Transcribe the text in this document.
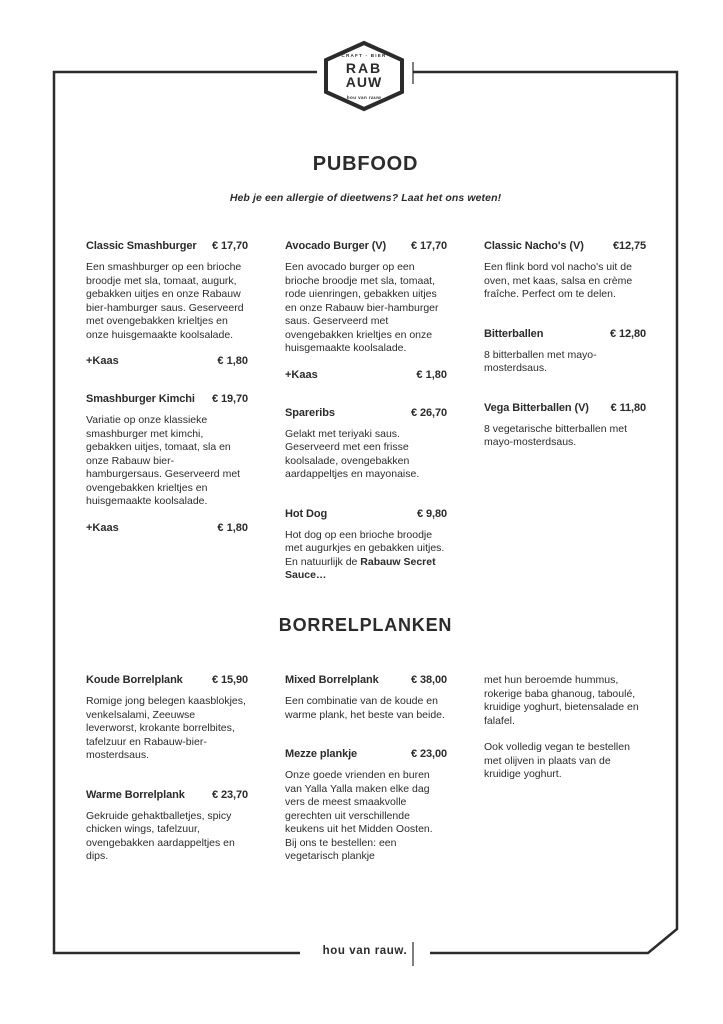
CRAFT - BIER
RAB
AUW
hou van rauw
PUBFOOD
Heb je een allergie of dieetwens? Laat het ons weten!
Classic Smashburger € 17,70

Een smashburger op een brioche broodje met sla, tomaat, augurk, gebakken uitjes en onze Rabauw bier-hamburger saus. Geserveerd met ovengebakken krieltjes en onze huisgemaakte koolsalade.

+Kaas	€ 1,80
Smashburger Kimchi € 19,70

Variatie op onze klassieke smashburger met kimchi, gebakken uitjes, tomaat, sla en onze Rabauw bier-hamburgersaus. Geserveerd met ovengebakken krieltjes en huisgemaakte koolsalade.

+Kaas	€ 1,80
Avocado Burger (V) € 17,70

Een avocado burger op een brioche broodje met sla, tomaat, rode uienringen, gebakken uitjes en onze Rabauw bier-hamburger saus. Geserveerd met ovengebakken krieltjes en onze huisgemaakte koolsalade.

+Kaas	€ 1,80
Spareribs	€ 26,70

Gelakt met teriyaki saus. Geserveerd met een frisse koolsalade, ovengebakken aardappeltjes en mayonaise.

Hot Dog	€ 9,80

Hot dog op een brioche broodje met augurkjes en gebakken uitjes. En natuurlijk de Rabauw Secret Sauce…

Classic Nacho's (V)	€12,75

Een flink bord vol nacho's uit de oven, met kaas, salsa en crème fraîche. Perfect om te delen.

Bitterballen	€ 12,80

8 bitterballen met mayo-mosterdsaus.

Vega Bitterballen (V) € 11,80

8 vegetarische bitterballen met mayo-mosterdsaus.

BORRELPLANKEN
Koude Borrelplank	€ 15,90

Romige jong belegen kaasblokjes, venkelsalami, Zeeuwse leverworst, krokante borrelbites, tafelzuur en Rabauw-bier-mosterdsaus.

Warme Borrelplank € 23,70

Gekruide gehaktballetjes, spicy chicken wings, tafelzuur, ovengebakken aardappeltjes en dips.

Mixed Borrelplank	€ 38,00

Een combinatie van de koude en warme plank, het beste van beide.

Mezze plankje	€ 23,00

Onze goede vrienden en buren van Yalla Yalla maken elke dag vers de meest smaakvolle gerechten uit verschillende keukens uit het Midden Oosten. Bij ons te bestellen: een vegetarisch plankje

met hun beroemde hummus, rokerige baba ghanoug, taboulé, kruidige yoghurt, bietensalade en falafel.

Ook volledig vegan te bestellen met olijven in plaats van de kruidige yoghurt.

hou van rauw.
